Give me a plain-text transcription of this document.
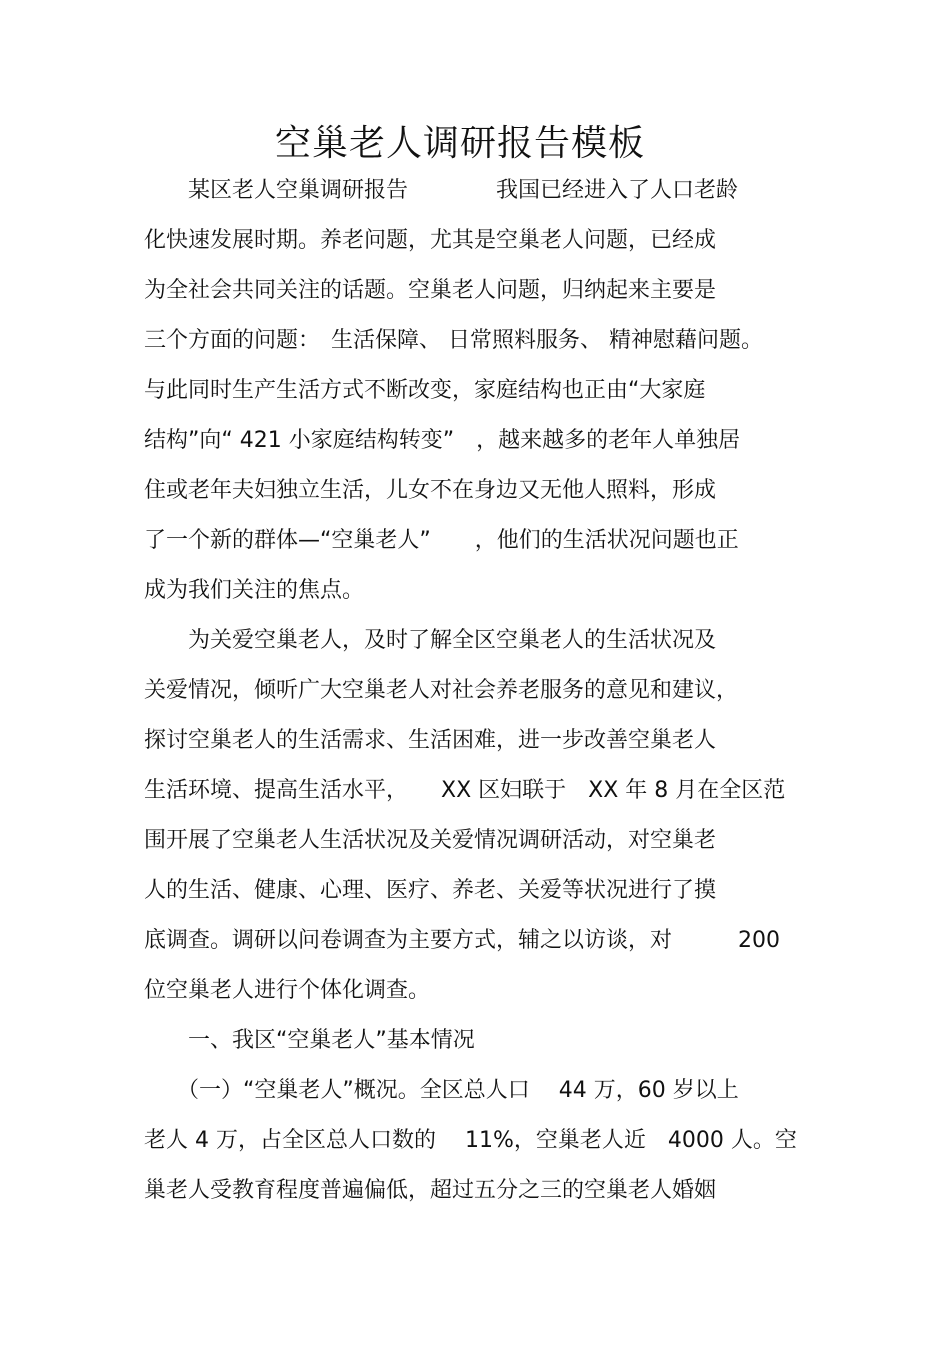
空巢老人调研报告模板

　　某区老人空巢调研报告　　　　我国已经进入了人口老龄

化快速发展时期。养老问题，尤其是空巢老人问题，已经成

为全社会共同关注的话题。空巢老人问题，归纳起来主要是

三个方面的问题：　生活保障、 日常照料服务、 精神慰藉问题。

与此同时生产生活方式不断改变，家庭结构也正由“大家庭

结构”向“ 421 小家庭结构转变”　，越来越多的老年人单独居

住或老年夫妇独立生活，儿女不在身边又无他人照料，形成

了一个新的群体—“空巢老人”　　，他们的生活状况问题也正

成为我们关注的焦点。

　　为关爱空巢老人，及时了解全区空巢老人的生活状况及

关爱情况，倾听广大空巢老人对社会养老服务的意见和建议，

探讨空巢老人的生活需求、生活困难，进一步改善空巢老人

生活环境、提高生活水平，　　XX 区妇联于　XX 年 8 月在全区范

围开展了空巢老人生活状况及关爱情况调研活动，对空巢老

人的生活、健康、心理、医疗、养老、关爱等状况进行了摸

底调查。调研以问卷调查为主要方式，辅之以访谈，对　　　200

位空巢老人进行个体化调查。

　　一、我区“空巢老人”基本情况

　　（一）“空巢老人”概况。全区总人口　 44 万，60 岁以上

老人 4 万，占全区总人口数的　 11%，空巢老人近　4000 人。空

巢老人受教育程度普遍偏低，超过五分之三的空巢老人婚姻
